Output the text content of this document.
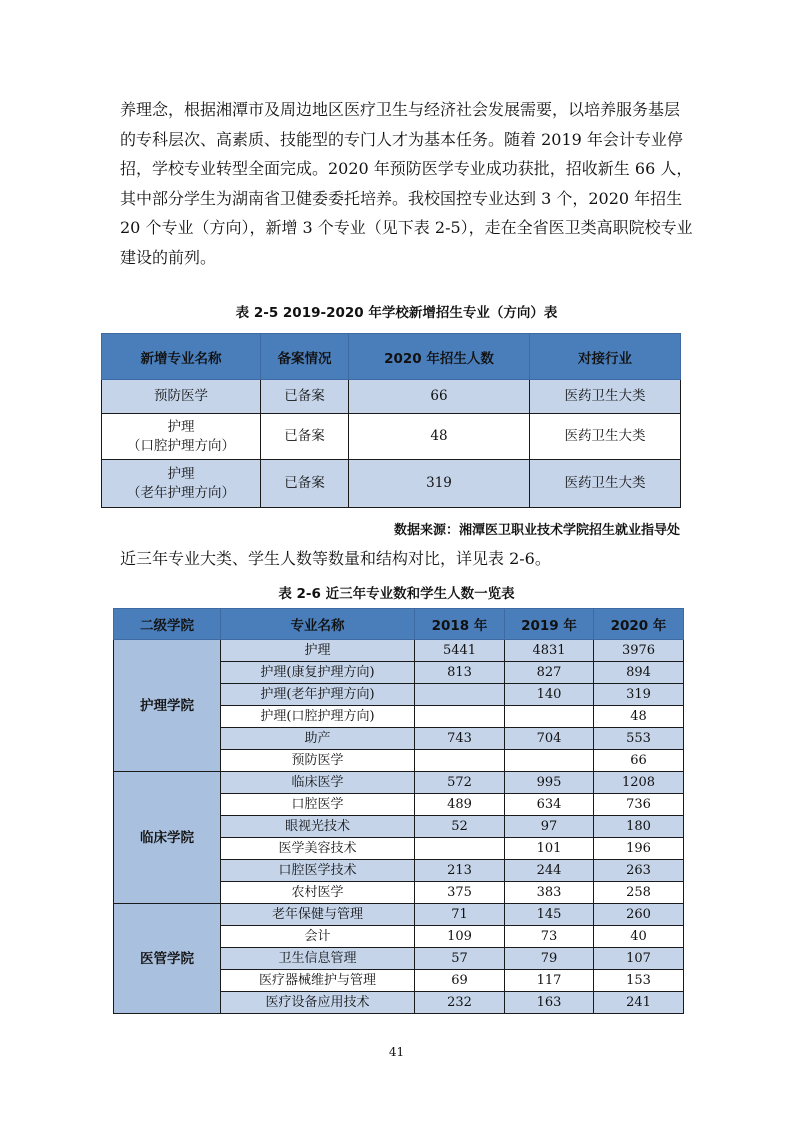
养理念，根据湘潭市及周边地区医疗卫生与经济社会发展需要，以培养服务基层
的专科层次、高素质、技能型的专门人才为基本任务。随着 2019 年会计专业停
招，学校专业转型全面完成。2020 年预防医学专业成功获批，招收新生 66 人，
其中部分学生为湖南省卫健委委托培养。我校国控专业达到 3 个，2020 年招生
20 个专业（方向），新增 3 个专业（见下表 2-5），走在全省医卫类高职院校专业
建设的前列。
表 2-5 2019-2020 年学校新增招生专业（方向）表
新增专业名称	备案情况	2020 年招生人数	对接行业
预防医学	已备案	66	医药卫生大类
护理
（口腔护理方向）	已备案	48	医药卫生大类
护理
（老年护理方向）	已备案	319	医药卫生大类
数据来源：湘潭医卫职业技术学院招生就业指导处
近三年专业大类、学生人数等数量和结构对比，详见表 2-6。
表 2-6 近三年专业数和学生人数一览表
二级学院	专业名称	2018 年	2019 年	2020 年
护理学院	护理	5441	4831	3976
	护理(康复护理方向)	813	827	894
	护理(老年护理方向)		140	319
	护理(口腔护理方向)			48
	助产	743	704	553
	预防医学			66
临床学院	临床医学	572	995	1208
	口腔医学	489	634	736
	眼视光技术	52	97	180
	医学美容技术		101	196
	口腔医学技术	213	244	263
	农村医学	375	383	258
医管学院	老年保健与管理	71	145	260
	会计	109	73	40
	卫生信息管理	57	79	107
	医疗器械维护与管理	69	117	153
	医疗设备应用技术	232	163	241
41
